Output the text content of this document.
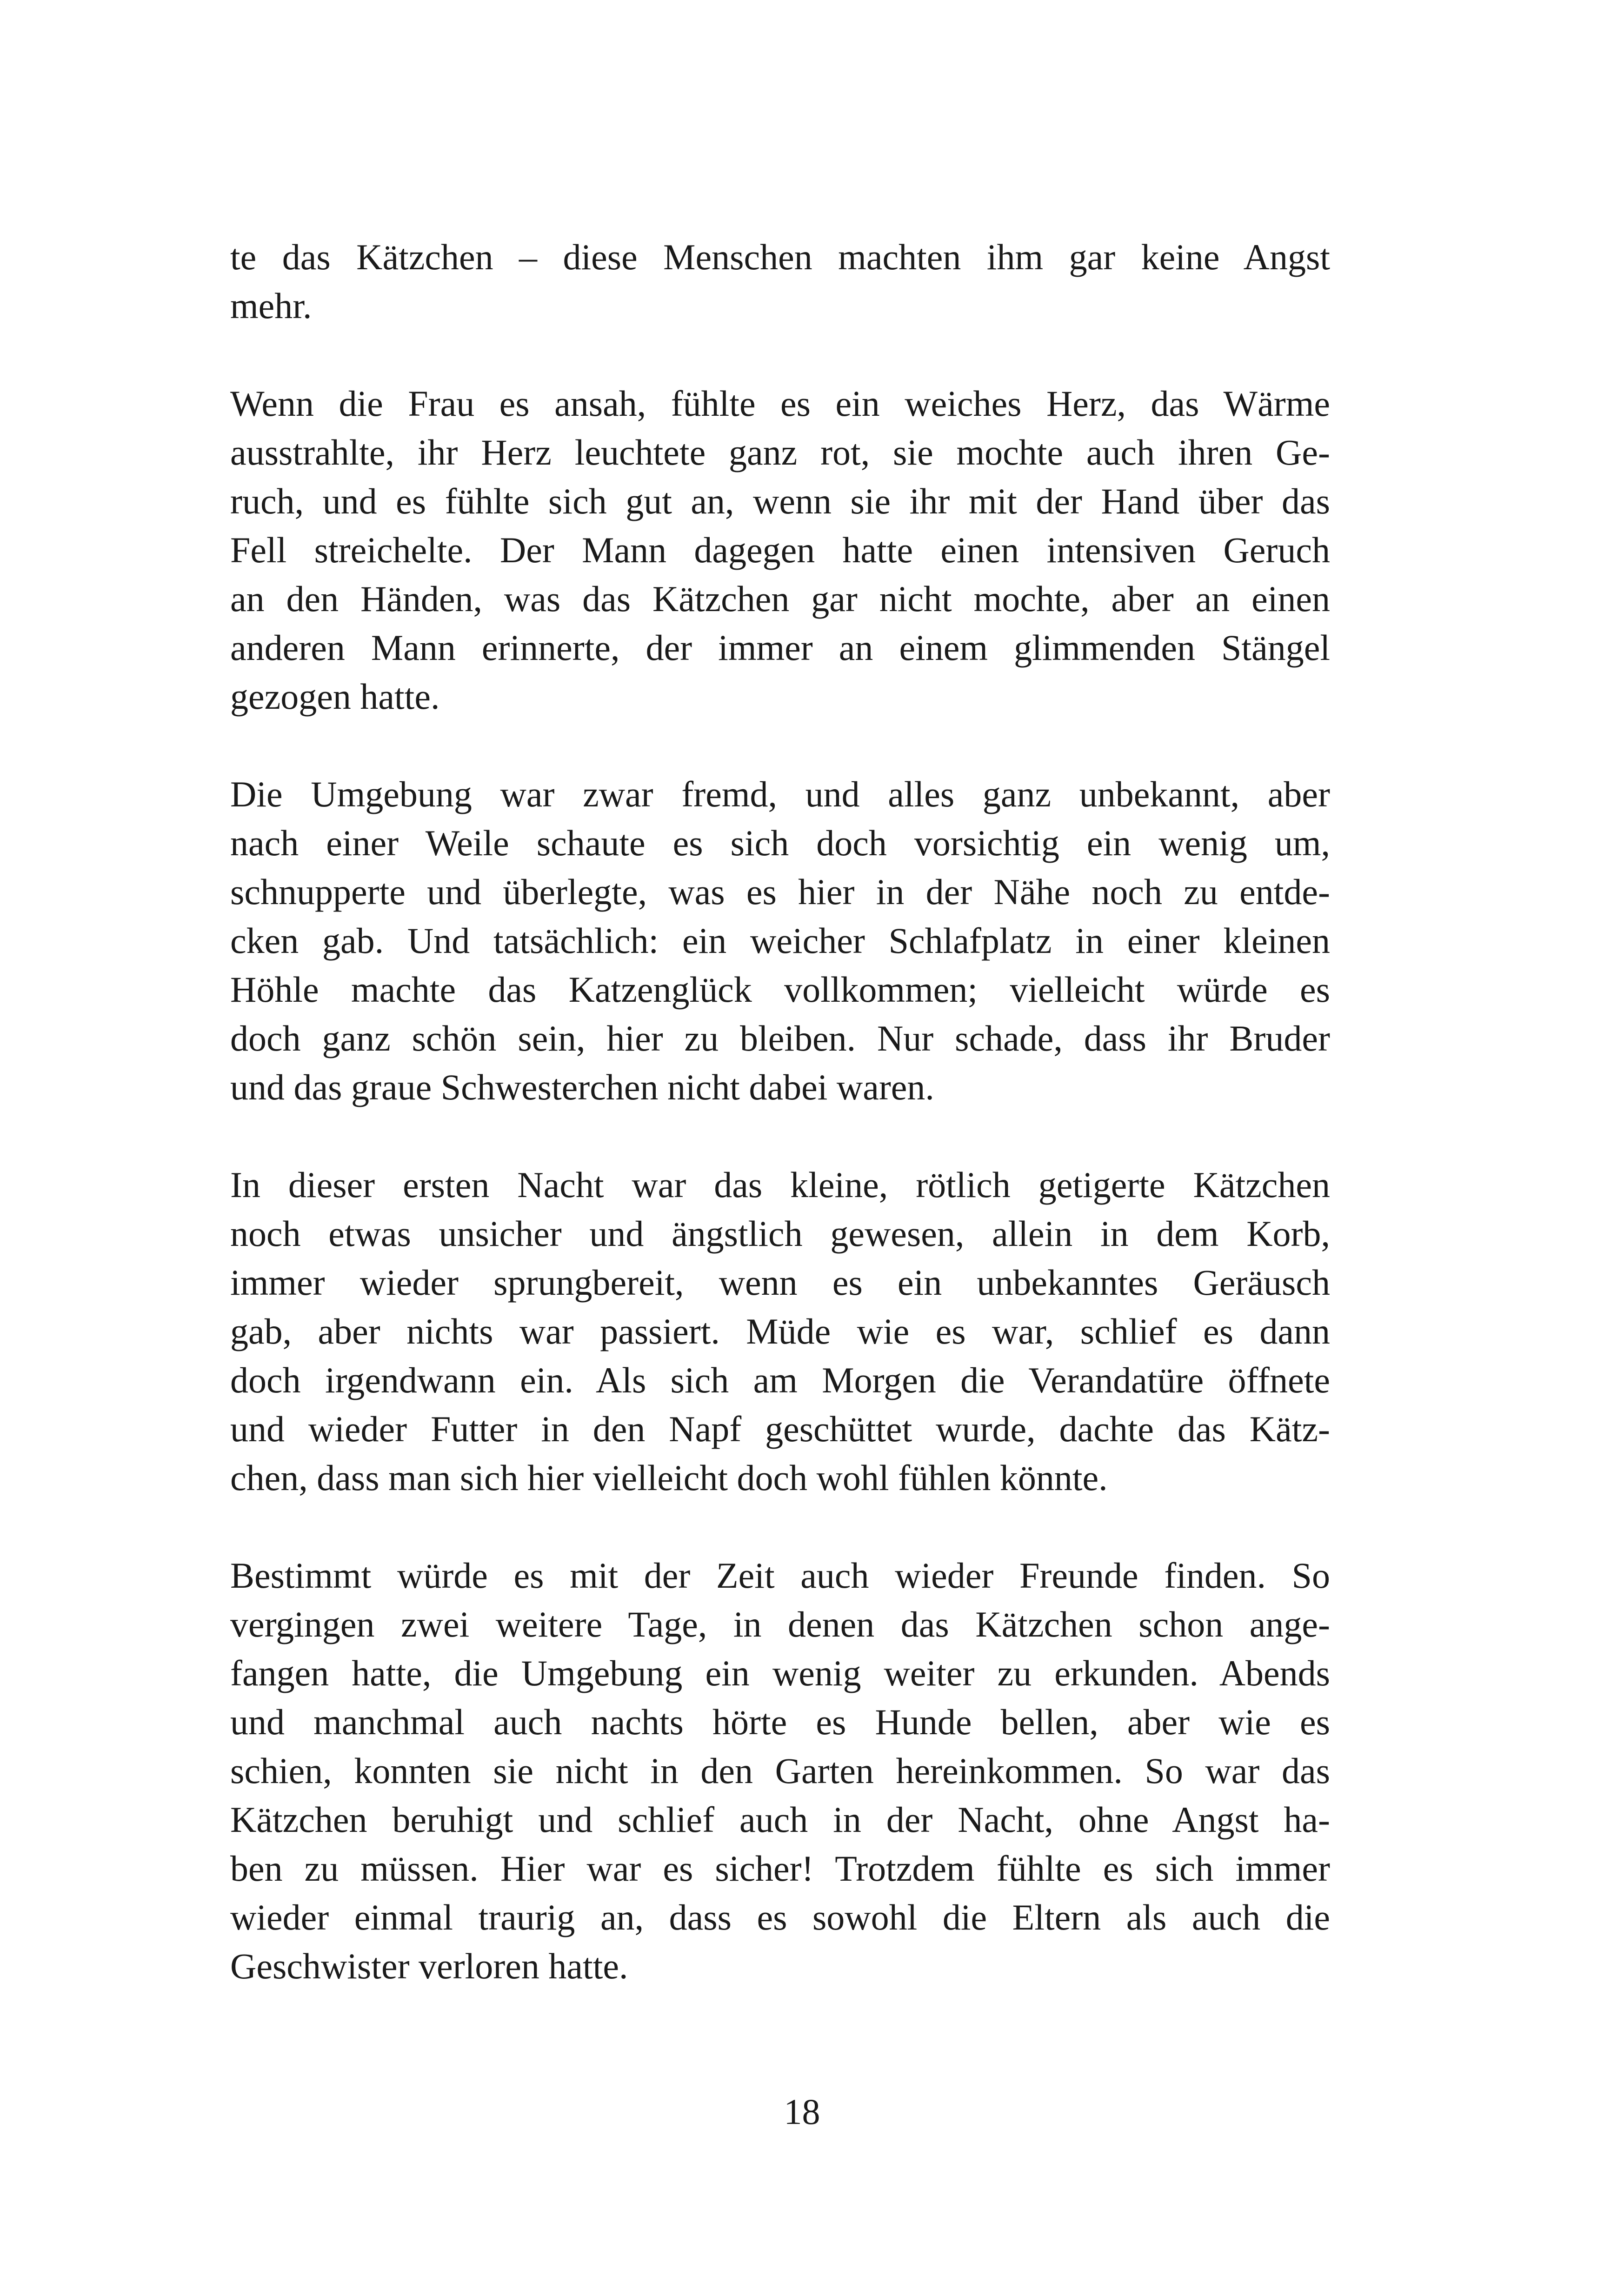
te das Kätzchen – diese Menschen machten ihm gar keine Angst
mehr.

Wenn die Frau es ansah, fühlte es ein weiches Herz, das Wärme
ausstrahlte, ihr Herz leuchtete ganz rot, sie mochte auch ihren Ge-
ruch, und es fühlte sich gut an, wenn sie ihr mit der Hand über das
Fell streichelte. Der Mann dagegen hatte einen intensiven Geruch
an den Händen, was das Kätzchen gar nicht mochte, aber an einen
anderen Mann erinnerte, der immer an einem glimmenden Stängel
gezogen hatte.

Die Umgebung war zwar fremd, und alles ganz unbekannt, aber
nach einer Weile schaute es sich doch vorsichtig ein wenig um,
schnupperte und überlegte, was es hier in der Nähe noch zu entde-
cken gab. Und tatsächlich: ein weicher Schlafplatz in einer kleinen
Höhle machte das Katzenglück vollkommen; vielleicht würde es
doch ganz schön sein, hier zu bleiben. Nur schade, dass ihr Bruder
und das graue Schwesterchen nicht dabei waren.

In dieser ersten Nacht war das kleine, rötlich getigerte Kätzchen
noch etwas unsicher und ängstlich gewesen, allein in dem Korb,
immer wieder sprungbereit, wenn es ein unbekanntes Geräusch
gab, aber nichts war passiert. Müde wie es war, schlief es dann
doch irgendwann ein. Als sich am Morgen die Verandatüre öffnete
und wieder Futter in den Napf geschüttet wurde, dachte das Kätz-
chen, dass man sich hier vielleicht doch wohl fühlen könnte.

Bestimmt würde es mit der Zeit auch wieder Freunde finden. So
vergingen zwei weitere Tage, in denen das Kätzchen schon ange-
fangen hatte, die Umgebung ein wenig weiter zu erkunden. Abends
und manchmal auch nachts hörte es Hunde bellen, aber wie es
schien, konnten sie nicht in den Garten hereinkommen. So war das
Kätzchen beruhigt und schlief auch in der Nacht, ohne Angst ha-
ben zu müssen. Hier war es sicher! Trotzdem fühlte es sich immer
wieder einmal traurig an, dass es sowohl die Eltern als auch die
Geschwister verloren hatte.

18
